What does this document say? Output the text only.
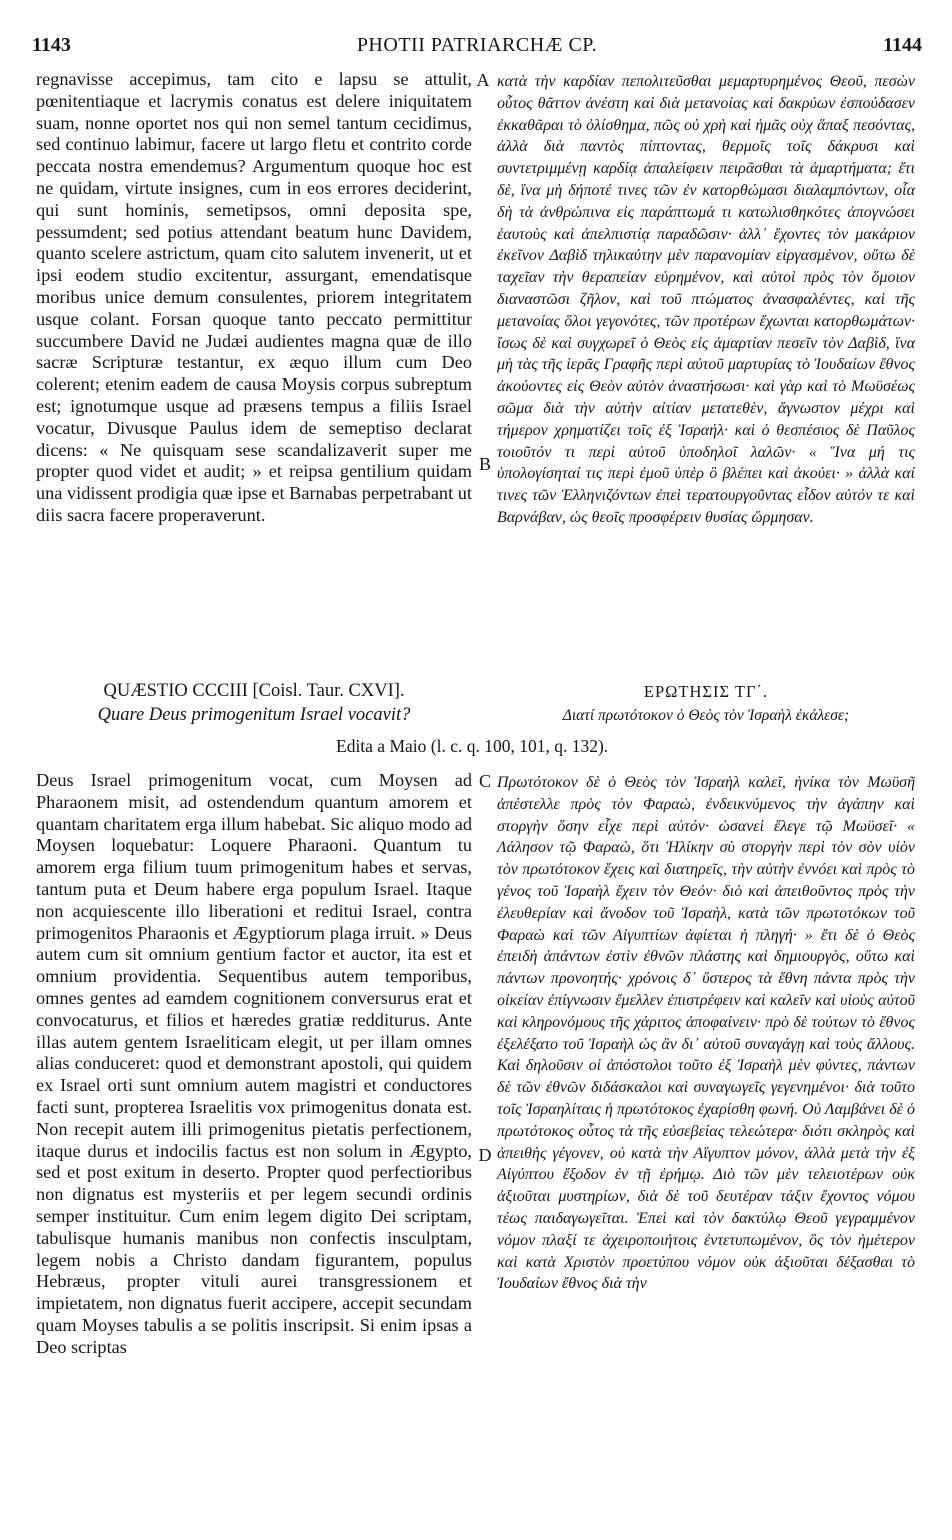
1143	PHOTII PATRIARCHÆ CP.	1144

regnavisse accepimus, tam cito e lapsu se attulit, pœnitentiaque et lacrymis conatus est delere iniquitatem suam, nonne oportet nos qui non semel tantum cecidimus, sed continuo labimur, facere ut largo fletu et contrito corde peccata nostra emendemus? Argumentum quoque hoc est ne quidam, virtute insignes, cum in eos errores deciderint, qui sunt hominis, semetipsos, omni deposita spe, pessumdent; sed potius attendant beatum hunc Davidem, quanto scelere astrictum, quam cito salutem invenerit, ut et ipsi eodem studio excitentur, assurgant, emendatisque moribus unice demum consulentes, priorem integritatem usque colant. Forsan quoque tanto peccato permittitur succumbere David ne Judæi audientes magna quæ de illo sacræ Scripturæ testantur, ex æquo illum cum Deo colerent; etenim eadem de causa Moysis corpus subreptum est; ignotumque usque ad præsens tempus a filiis Israel vocatur, Divusque Paulus idem de semeptiso declarat dicens: « Ne quisquam sese scandalizaverit super me propter quod videt et audit; » et reipsa gentilium quidam una vidissent prodigia quæ ipse et Barnabas perpetrabant ut diis sacra facere properaverunt.

A
B

κατὰ τὴν καρδίαν πεπολιτεῦσθαι μεμαρτυρημένος Θεοῦ, πεσὼν οὗτος θᾶττον ἀνέστη καὶ διὰ μετανοίας καὶ δακρύων ἐσπούδασεν ἐκκαθᾶραι τὸ ὀλίσθημα, πῶς οὐ χρὴ καὶ ἡμᾶς οὐχ ἅπαξ πεσόντας, ἀλλὰ διὰ παντὸς πίπτοντας, θερμοῖς τοῖς δάκρυσι καὶ συντετριμμένῃ καρδίᾳ ἀπαλείφειν πειρᾶσθαι τὰ ἁμαρτήματα; ἔτι δὲ, ἵνα μὴ δήποτέ τινες τῶν ἐν κατορθώμασι διαλαμπόντων, οἷα δὴ τὰ ἀνθρώπινα εἰς παράπτωμά τι κατωλισθηκότες ἀπογνώσει ἑαυτοὺς καὶ ἀπελπιστίᾳ παραδῶσιν· ἀλλ᾽ ἔχοντες τὸν μακάριον ἐκεῖνον Δαβὶδ τηλικαύτην μὲν παρανομίαν εἰργασμένον, οὕτω δὲ ταχεῖαν τὴν θεραπείαν εὑρημένον, καὶ αὐτοὶ πρὸς τὸν ὅμοιον διαναστῶσι ζῆλον, καὶ τοῦ πτώματος ἀνασφαλέντες, καὶ τῆς μετανοίας ὅλοι γεγονότες, τῶν προτέρων ἔχωνται κατορθωμάτων· ἴσως δὲ καὶ συγχωρεῖ ὁ Θεὸς εἰς ἁμαρτίαν πεσεῖν τὸν Δαβὶδ, ἵνα μὴ τὰς τῆς ἱερᾶς Γραφῆς περὶ αὐτοῦ μαρτυρίας τὸ Ἰουδαίων ἔθνος ἀκούοντες εἰς Θεὸν αὐτὸν ἀναστήσωσι· καὶ γὰρ καὶ τὸ Μωϋσέως σῶμα διὰ τὴν αὐτὴν αἰτίαν μετατεθὲν, ἄγνωστον μέχρι καὶ τήμερον χρηματίζει τοῖς ἐξ Ἰσραήλ· καὶ ὁ θεσπέσιος δὲ Παῦλος τοιοῦτόν τι περὶ αὐτοῦ ὑποδηλοῖ λαλῶν· « Ἵνα μή τις ὑπολογίσηταί τις περὶ ἐμοῦ ὑπὲρ ὃ βλέπει καὶ ἀκούει· » ἀλλὰ καί τινες τῶν Ἑλληνιζόντων ἐπεὶ τερατουργοῦντας εἶδον αὐτόν τε καὶ Βαρνάβαν, ὡς θεοῖς προσφέρειν θυσίας ὥρμησαν.

QUÆSTIO CCCIII [Coisl. Taur. CXVI].
Quare Deus primogenitum Israel vocavit?
ΕΡΩΤΗΣΙΣ ΤΓ΄.
Διατί πρωτότοκον ὁ Θεὸς τὸν Ἰσραὴλ ἐκάλεσε;
Edita a Maio (l. c. q. 100, 101, q. 132).

Deus Israel primogenitum vocat, cum Moysen ad Pharaonem misit, ad ostendendum quantum amorem et quantam charitatem erga illum habebat. Sic aliquo modo ad Moysen loquebatur: Loquere Pharaoni. Quantum tu amorem erga filium tuum primogenitum habes et servas, tantum puta et Deum habere erga populum Israel. Itaque non acquiescente illo liberationi et reditui Israel, contra primogenitos Pharaonis et Ægyptiorum plaga irruit. » Deus autem cum sit omnium gentium factor et auctor, ita est et omnium providentia. Sequentibus autem temporibus, omnes gentes ad eamdem cognitionem conversurus erat et convocaturus, et filios et hæredes gratiæ redditurus. Ante illas autem gentem Israeliticam elegit, ut per illam omnes alias conduceret: quod et demonstrant apostoli, qui quidem ex Israel orti sunt omnium autem magistri et conductores facti sunt, propterea Israelitis vox primogenitus donata est. Non recepit autem illi primogenitus pietatis perfectionem, itaque durus et indocilis factus est non solum in Ægypto, sed et post exitum in deserto. Propter quod perfectioribus non dignatus est mysteriis et per legem secundi ordinis semper instituitur. Cum enim legem digito Dei scriptam, tabulisque humanis manibus non confectis insculptam, legem nobis a Christo dandam figurantem, populus Hebræus, propter vituli aurei transgressionem et impietatem, non dignatus fuerit accipere, accepit secundam quam Moyses tabulis a se politis inscripsit. Si enim ipsas a Deo scriptas

C
D

Πρωτότοκον δὲ ὁ Θεὸς τὸν Ἰσραὴλ καλεῖ, ἡνίκα τὸν Μωϋσῆ ἀπέστελλε πρὸς τὸν Φαραὼ, ἐνδεικνύμενος τὴν ἀγάπην καὶ στοργὴν ὅσην εἶχε περὶ αὐτόν· ὡσανεὶ ἔλεγε τῷ Μωϋσεῖ· « Λάλησον τῷ Φαραὼ, ὅτι Ἡλίκην σὺ στοργὴν περὶ τὸν σὸν υἱὸν τὸν πρωτότοκον ἔχεις καὶ διατηρεῖς, τὴν αὐτὴν ἐννόει καὶ πρὸς τὸ γένος τοῦ Ἰσραὴλ ἔχειν τὸν Θεόν· διὸ καὶ ἀπειθοῦντος πρὸς τὴν ἐλευθερίαν καὶ ἄνοδον τοῦ Ἰσραὴλ, κατὰ τῶν πρωτοτόκων τοῦ Φαραὼ καὶ τῶν Αἰγυπτίων ἀφίεται ἡ πληγή· » ἔτι δὲ ὁ Θεὸς ἐπειδὴ ἁπάντων ἐστὶν ἐθνῶν πλάστης καὶ δημιουργὸς, οὕτω καὶ πάντων προνοητής· χρόνοις δ᾽ ὕστερος τὰ ἔθνη πάντα πρὸς τὴν οἰκείαν ἐπίγνωσιν ἔμελλεν ἐπιστρέφειν καὶ καλεῖν καὶ υἱοὺς αὐτοῦ καὶ κληρονόμους τῆς χάριτος ἀποφαίνειν· πρὸ δὲ τούτων τὸ ἔθνος ἐξελέξατο τοῦ Ἰσραὴλ ὡς ἂν δι᾽ αὐτοῦ συναγάγῃ καὶ τοὺς ἄλλους. Καὶ δηλοῦσιν οἱ ἀπόστολοι τοῦτο ἐξ Ἰσραὴλ μὲν φύντες, πάντων δὲ τῶν ἐθνῶν διδάσκαλοι καὶ συναγωγεῖς γεγενημένοι· διὰ τοῦτο τοῖς Ἰσραηλίταις ἡ πρωτότοκος ἐχαρίσθη φωνή. Οὐ Λαμβάνει δὲ ὁ πρωτότοκος οὗτος τὰ τῆς εὐσεβείας τελεώτερα· διότι σκληρὸς καὶ ἀπειθὴς γέγονεν, οὐ κατὰ τὴν Αἴγυπτον μόνον, ἀλλὰ μετὰ τὴν ἐξ Αἰγύπτου ἔξοδον ἐν τῇ ἐρήμῳ. Διὸ τῶν μὲν τελειοτέρων οὐκ ἀξιοῦται μυστηρίων, διὰ δὲ τοῦ δευτέραν τάξιν ἔχοντος νόμου τέως παιδαγωγεῖται. Ἐπεὶ καὶ τὸν δακτύλῳ Θεοῦ γεγραμμένον νόμον πλαξί τε ἀχειροποιήτοις ἐντετυπωμένον, ὃς τὸν ἡμέτερον καὶ κατὰ Χριστὸν προετύπου νόμον οὐκ ἀξιοῦται δέξασθαι τὸ Ἰουδαίων ἔθνος διὰ τὴν
